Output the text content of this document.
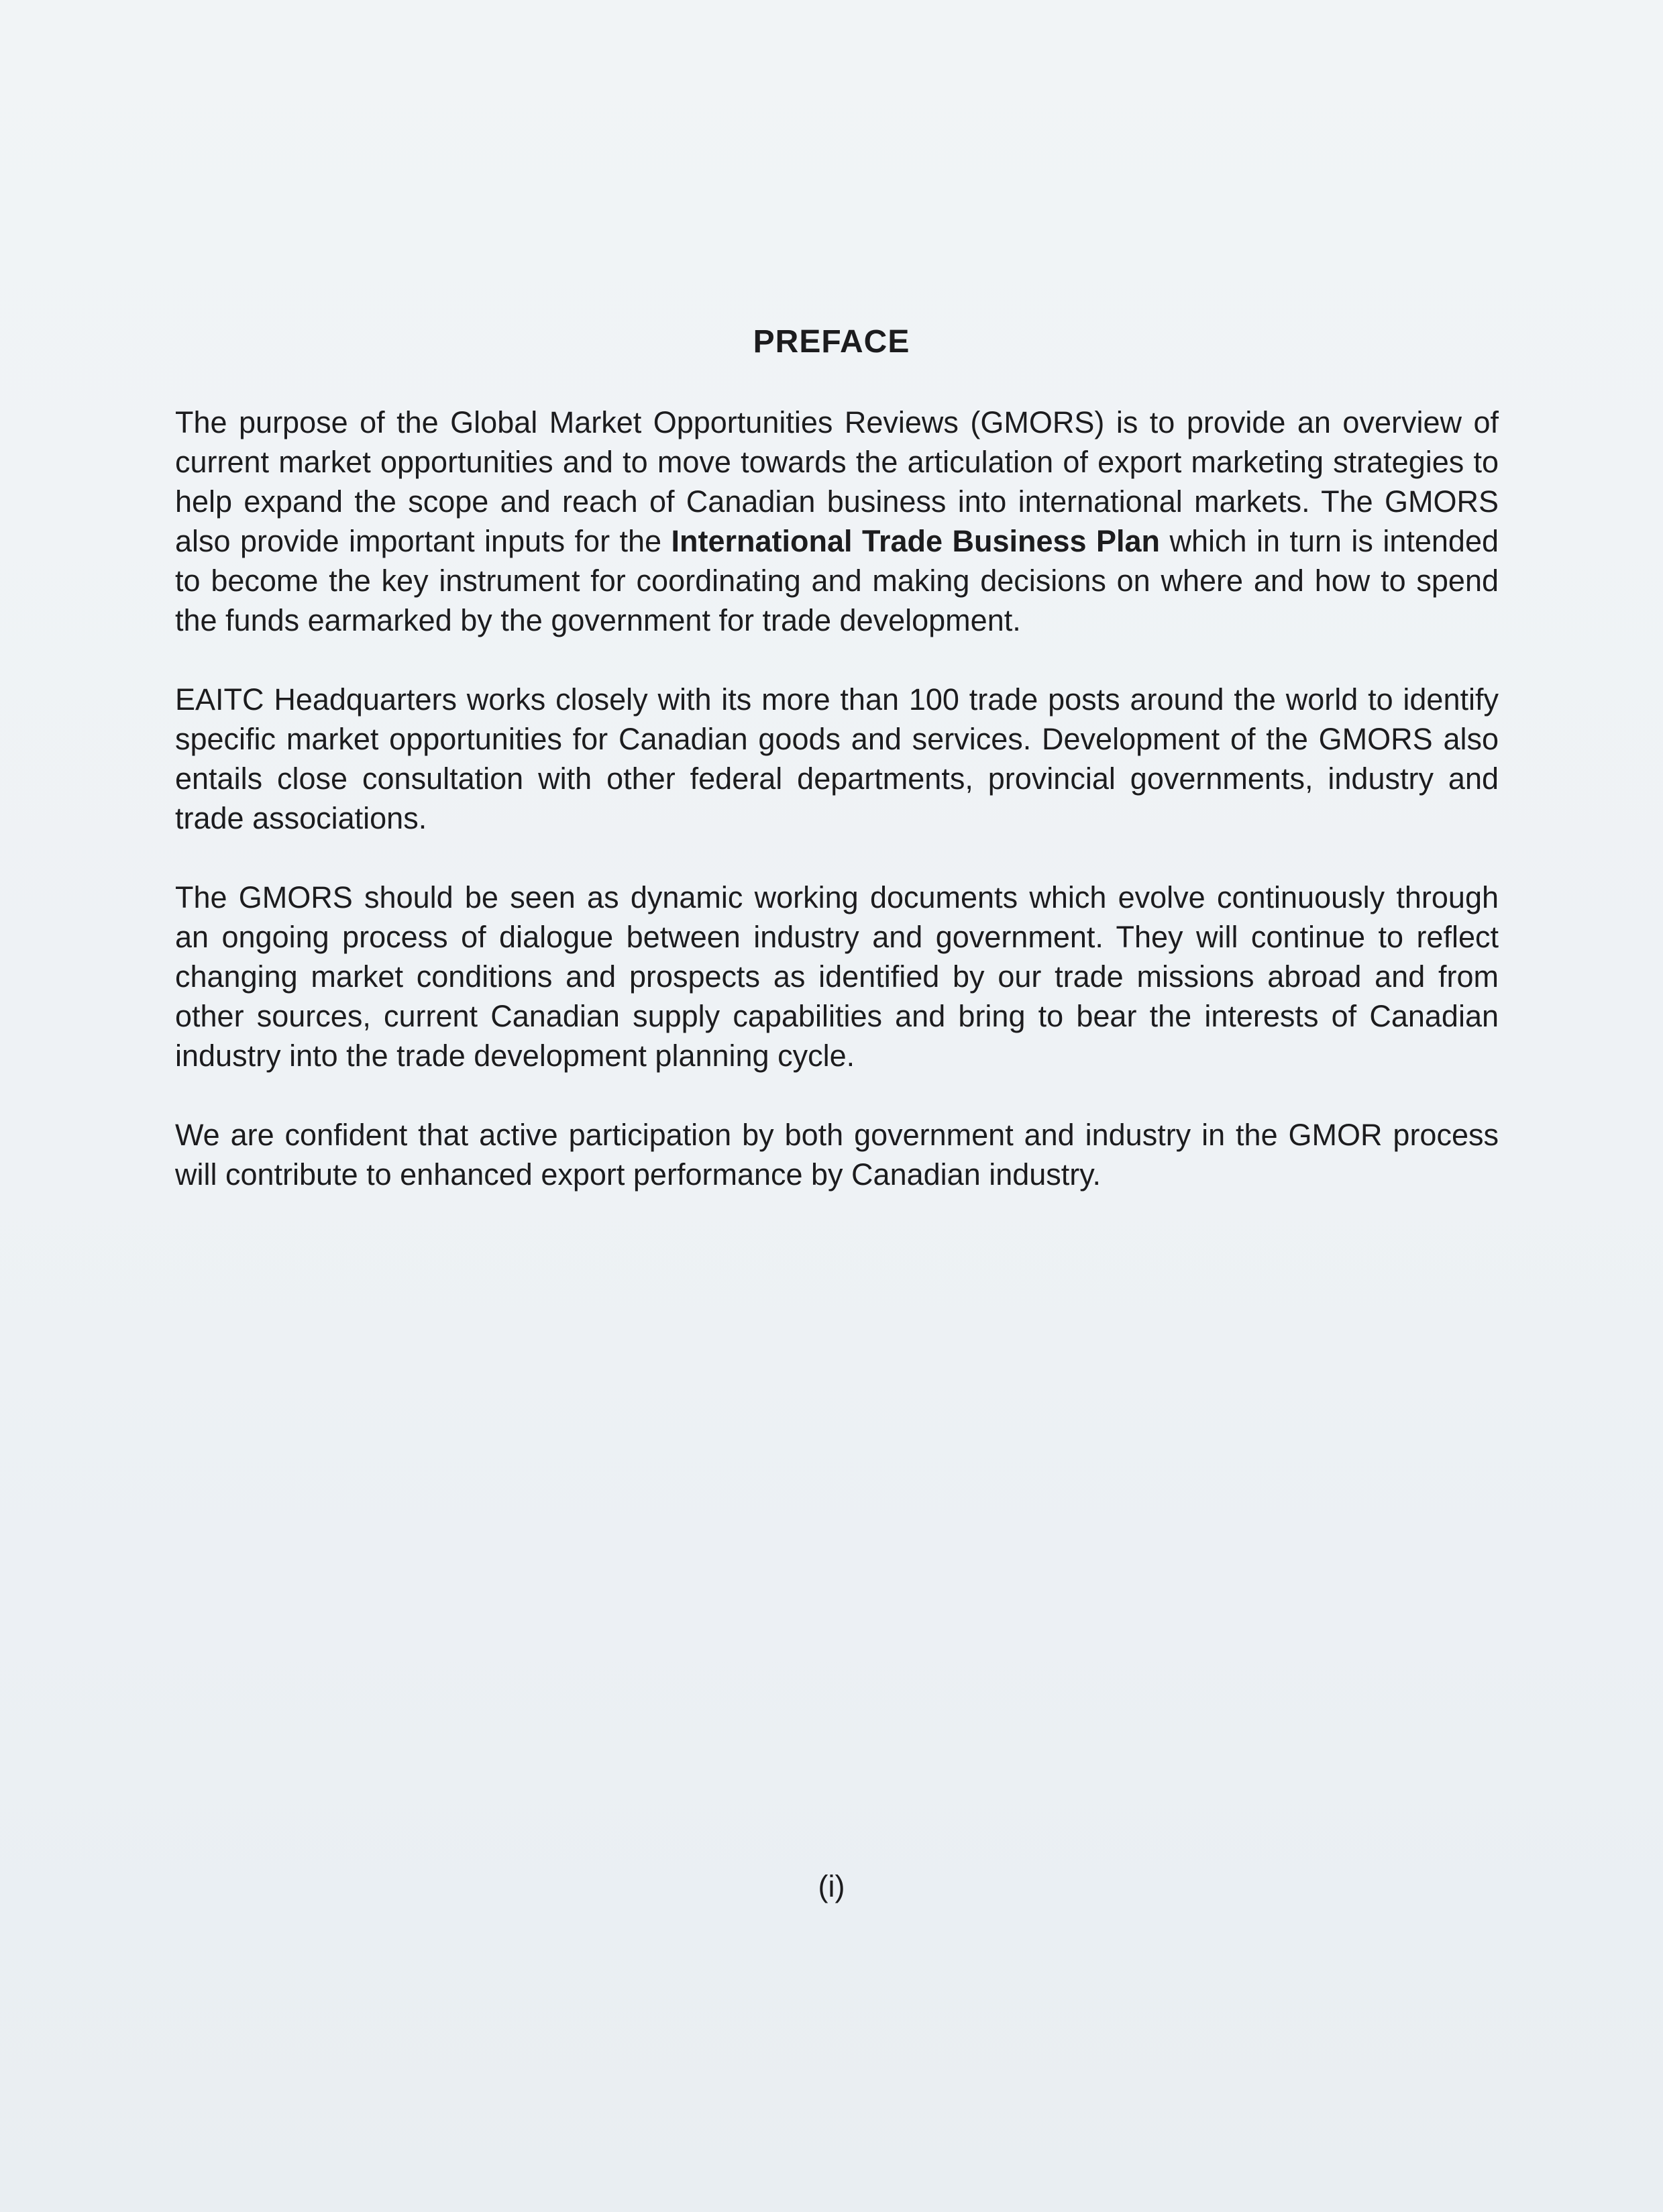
PREFACE

The purpose of the Global Market Opportunities Reviews (GMORS) is to provide an overview of current market opportunities and to move towards the articulation of export marketing strategies to help expand the scope and reach of Canadian business into international markets. The GMORS also provide important inputs for the International Trade Business Plan which in turn is intended to become the key instrument for coordinating and making decisions on where and how to spend the funds earmarked by the government for trade development.

EAITC Headquarters works closely with its more than 100 trade posts around the world to identify specific market opportunities for Canadian goods and services. Development of the GMORS also entails close consultation with other federal departments, provincial governments, industry and trade associations.

The GMORS should be seen as dynamic working documents which evolve continuously through an ongoing process of dialogue between industry and government. They will continue to reflect changing market conditions and prospects as identified by our trade missions abroad and from other sources, current Canadian supply capabilities and bring to bear the interests of Canadian industry into the trade development planning cycle.

We are confident that active participation by both government and industry in the GMOR process will contribute to enhanced export performance by Canadian industry.

(i)
